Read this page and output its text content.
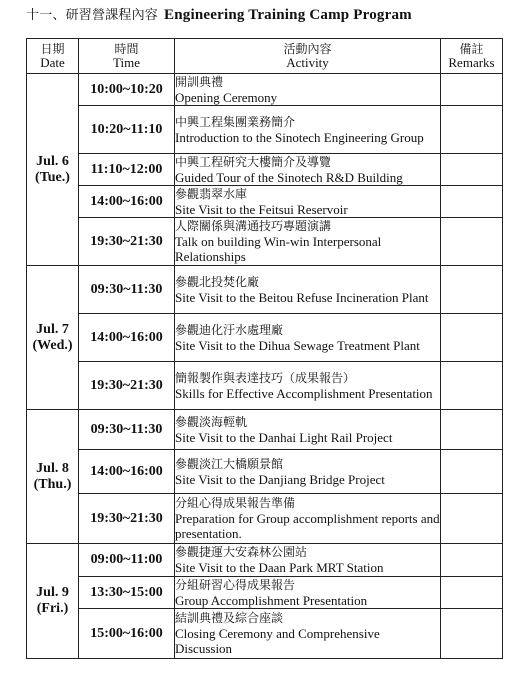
十一、研習營課程內容 Engineering Training Camp Program
日期
Date	時間
Time	活動內容
Activity	備註
Remarks
Jul. 6
(Tue.)	10:00~10:20	開訓典禮
Opening Ceremony	

	10:20~11:10	中興工程集團業務簡介
Introduction to the Sinotech Engineering Group	

	11:10~12:00	中興工程研究大樓簡介及導覽
Guided Tour of the Sinotech R&D Building	

	14:00~16:00	參觀翡翠水庫
Site Visit to the Feitsui Reservoir	

	19:30~21:30	人際關係與溝通技巧專題演講
Talk on building Win-win Interpersonal Relationships	

Jul. 7
(Wed.)	09:30~11:30	參觀北投焚化廠
Site Visit to the Beitou Refuse Incineration Plant	

	14:00~16:00	參觀迪化汙水處理廠
Site Visit to the Dihua Sewage Treatment Plant	

	19:30~21:30	簡報製作與表達技巧（成果報告）
Skills for Effective Accomplishment Presentation	

Jul. 8
(Thu.)	09:30~11:30	參觀淡海輕軌
Site Visit to the Danhai Light Rail Project	

	14:00~16:00	參觀淡江大橋願景館
Site Visit to the Danjiang Bridge Project	

	19:30~21:30	分組心得成果報告準備
Preparation for Group accomplishment reports and presentation.	

Jul. 9
(Fri.)	09:00~11:00	參觀捷運大安森林公園站
Site Visit to the Daan Park MRT Station	

	13:30~15:00	分組研習心得成果報告
Group Accomplishment Presentation	

	15:00~16:00	結訓典禮及綜合座談
Closing Ceremony and Comprehensive Discussion	
